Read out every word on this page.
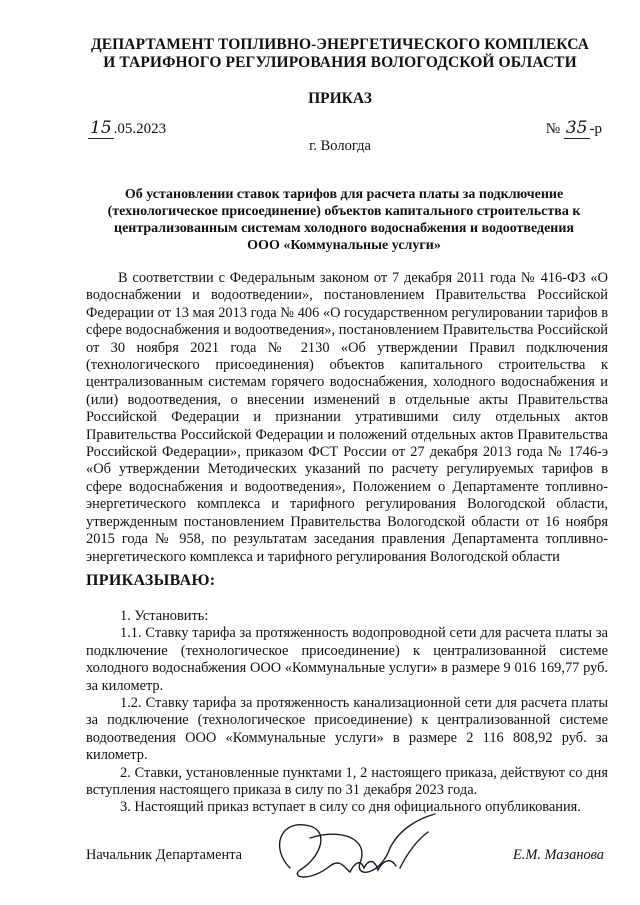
ДЕПАРТАМЕНТ ТОПЛИВНО-ЭНЕРГЕТИЧЕСКОГО КОМПЛЕКСА
И ТАРИФНОГО РЕГУЛИРОВАНИЯ ВОЛОГОДСКОЙ ОБЛАСТИ
ПРИКАЗ
15 .05.2023	№ 35 -р
г. Вологда
Об установлении ставок тарифов для расчета платы за подключение
(технологическое присоединение) объектов капитального строительства к
централизованным системам холодного водоснабжения и водоотведения
ООО «Коммунальные услуги»

В соответствии с Федеральным законом от 7 декабря 2011 года № 416-ФЗ «О водоснабжении и водоотведении», постановлением Правительства Российской Федерации от 13 мая 2013 года № 406 «О государственном регулировании тарифов в сфере водоснабжения и водоотведения», постановлением Правительства Российской от 30 ноября 2021 года № 2130 «Об утверждении Правил подключения (технологического присоединения) объектов капитального строительства к централизованным системам горячего водоснабжения, холодного водоснабжения и (или) водоотведения, о внесении изменений в отдельные акты Правительства Российской Федерации и признании утратившими силу отдельных актов Правительства Российской Федерации и положений отдельных актов Правительства Российской Федерации», приказом ФСТ России от 27 декабря 2013 года № 1746-э «Об утверждении Методических указаний по расчету регулируемых тарифов в сфере водоснабжения и водоотведения», Положением о Департаменте топливно-энергетического комплекса и тарифного регулирования Вологодской области, утвержденным постановлением Правительства Вологодской области от 16 ноября 2015 года № 958, по результатам заседания правления Департамента топливно-энергетического комплекса и тарифного регулирования Вологодской области

ПРИКАЗЫВАЮ:

1. Установить:

1.1. Ставку тарифа за протяженность водопроводной сети для расчета платы за подключение (технологическое присоединение) к централизованной системе холодного водоснабжения ООО «Коммунальные услуги» в размере 9 016 169,77 руб. за километр.

1.2. Ставку тарифа за протяженность канализационной сети для расчета платы за подключение (технологическое присоединение) к централизованной системе водоотведения ООО «Коммунальные услуги» в размере 2 116 808,92 руб. за километр.

2. Ставки, установленные пунктами 1, 2 настоящего приказа, действуют со дня вступления настоящего приказа в силу по 31 декабря 2023 года.

3. Настоящий приказ вступает в силу со дня официального опубликования.

Начальник Департамента	Е.М. Мазанова
